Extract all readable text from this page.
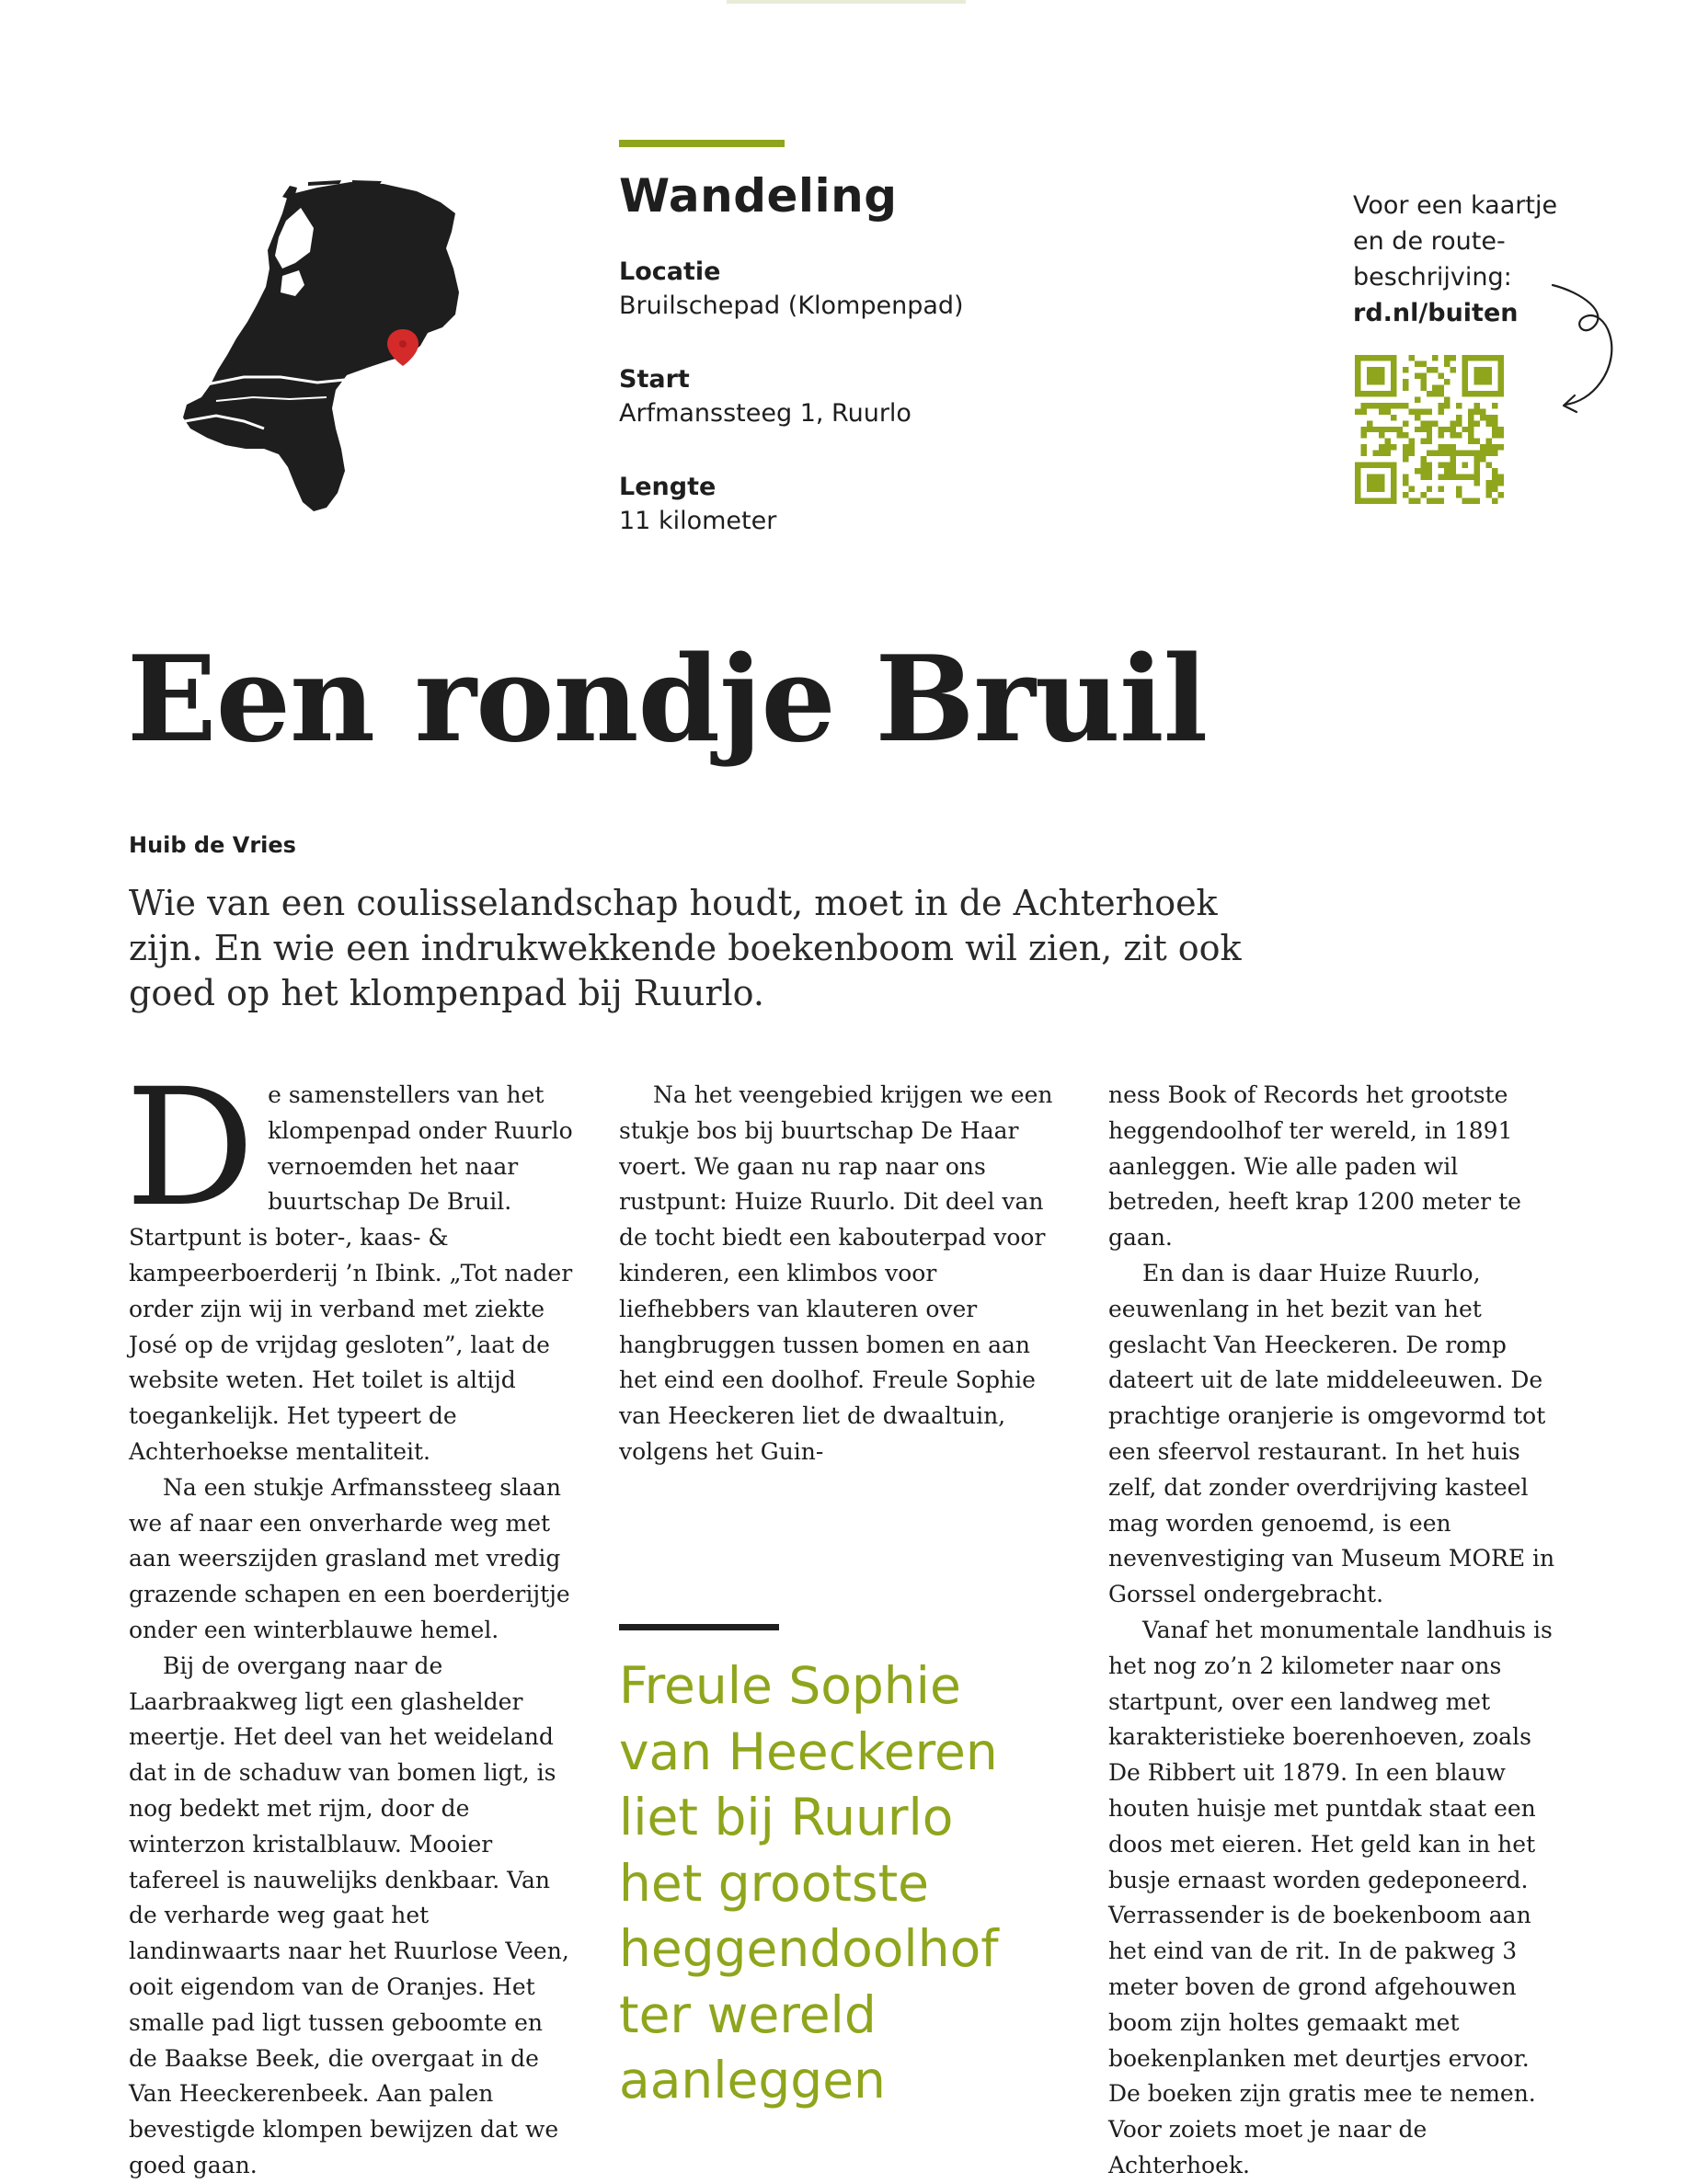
Wandeling
Locatie
Bruilschepad (Klompenpad)
Start
Arfmanssteeg 1, Ruurlo
Lengte
11 kilometer
Voor een kaartje
en de route-
beschrijving:
rd.nl/buiten
Een rondje Bruil
Huib de Vries
Wie van een coulisselandschap houdt, moet in de Achterhoek zijn. En wie een indrukwekkende boekenboom wil zien, zit ook goed op het klompenpad bij Ruurlo.

D e samenstellers van het klompenpad onder Ruurlo vernoemden het naar buurtschap De Bruil. Startpunt is boter-, kaas- & kampeerboerderij ’n Ibink. „Tot nader order zijn wij in verband met ziekte José op de vrijdag gesloten”, laat de website weten. Het toilet is altijd toegankelijk. Het typeert de Achterhoekse mentaliteit.

Na een stukje Arfmanssteeg slaan we af naar een onverharde weg met aan weerszijden grasland met vredig grazende schapen en een boerderijtje onder een winterblauwe hemel.

Bij de overgang naar de Laarbraakweg ligt een glashelder meertje. Het deel van het weideland dat in de schaduw van bomen ligt, is nog bedekt met rijm, door de winterzon kristalblauw. Mooier tafereel is nauwelijks denkbaar. Van de verharde weg gaat het landinwaarts naar het Ruurlose Veen, ooit eigendom van de Oranjes. Het smalle pad ligt tussen geboomte en de Baakse Beek, die overgaat in de Van Heeckerenbeek. Aan palen bevestigde klompen bewijzen dat we goed gaan.

Na het veengebied krijgen we een stukje bos bij buurtschap De Haar voert. We gaan nu rap naar ons rustpunt: Huize Ruurlo. Dit deel van de tocht biedt een kabouterpad voor kinderen, een klimbos voor liefhebbers van klauteren over hangbruggen tussen bomen en aan het eind een doolhof. Freule Sophie van Heeckeren liet de dwaaltuin, volgens het Guin-

Freule Sophie van Heeckeren liet bij Ruurlo het grootste heggendoolhof ter wereld aanleggen

ness Book of Records het grootste heggendoolhof ter wereld, in 1891 aanleggen. Wie alle paden wil betreden, heeft krap 1200 meter te gaan.

En dan is daar Huize Ruurlo, eeuwenlang in het bezit van het geslacht Van Heeckeren. De romp dateert uit de late middeleeuwen. De prachtige oranjerie is omgevormd tot een sfeervol restaurant. In het huis zelf, dat zonder overdrijving kasteel mag worden genoemd, is een nevenvestiging van Museum MORE in Gorssel ondergebracht.

Vanaf het monumentale landhuis is het nog zo’n 2 kilometer naar ons startpunt, over een landweg met karakteristieke boerenhoeven, zoals De Ribbert uit 1879. In een blauw houten huisje met puntdak staat een doos met eieren. Het geld kan in het busje ernaast worden gedeponeerd. Verrassender is de boekenboom aan het eind van de rit. In de pakweg 3 meter boven de grond afgehouwen boom zijn holtes gemaakt met boekenplanken met deurtjes ervoor. De boeken zijn gratis mee te nemen. Voor zoiets moet je naar de Achterhoek.
